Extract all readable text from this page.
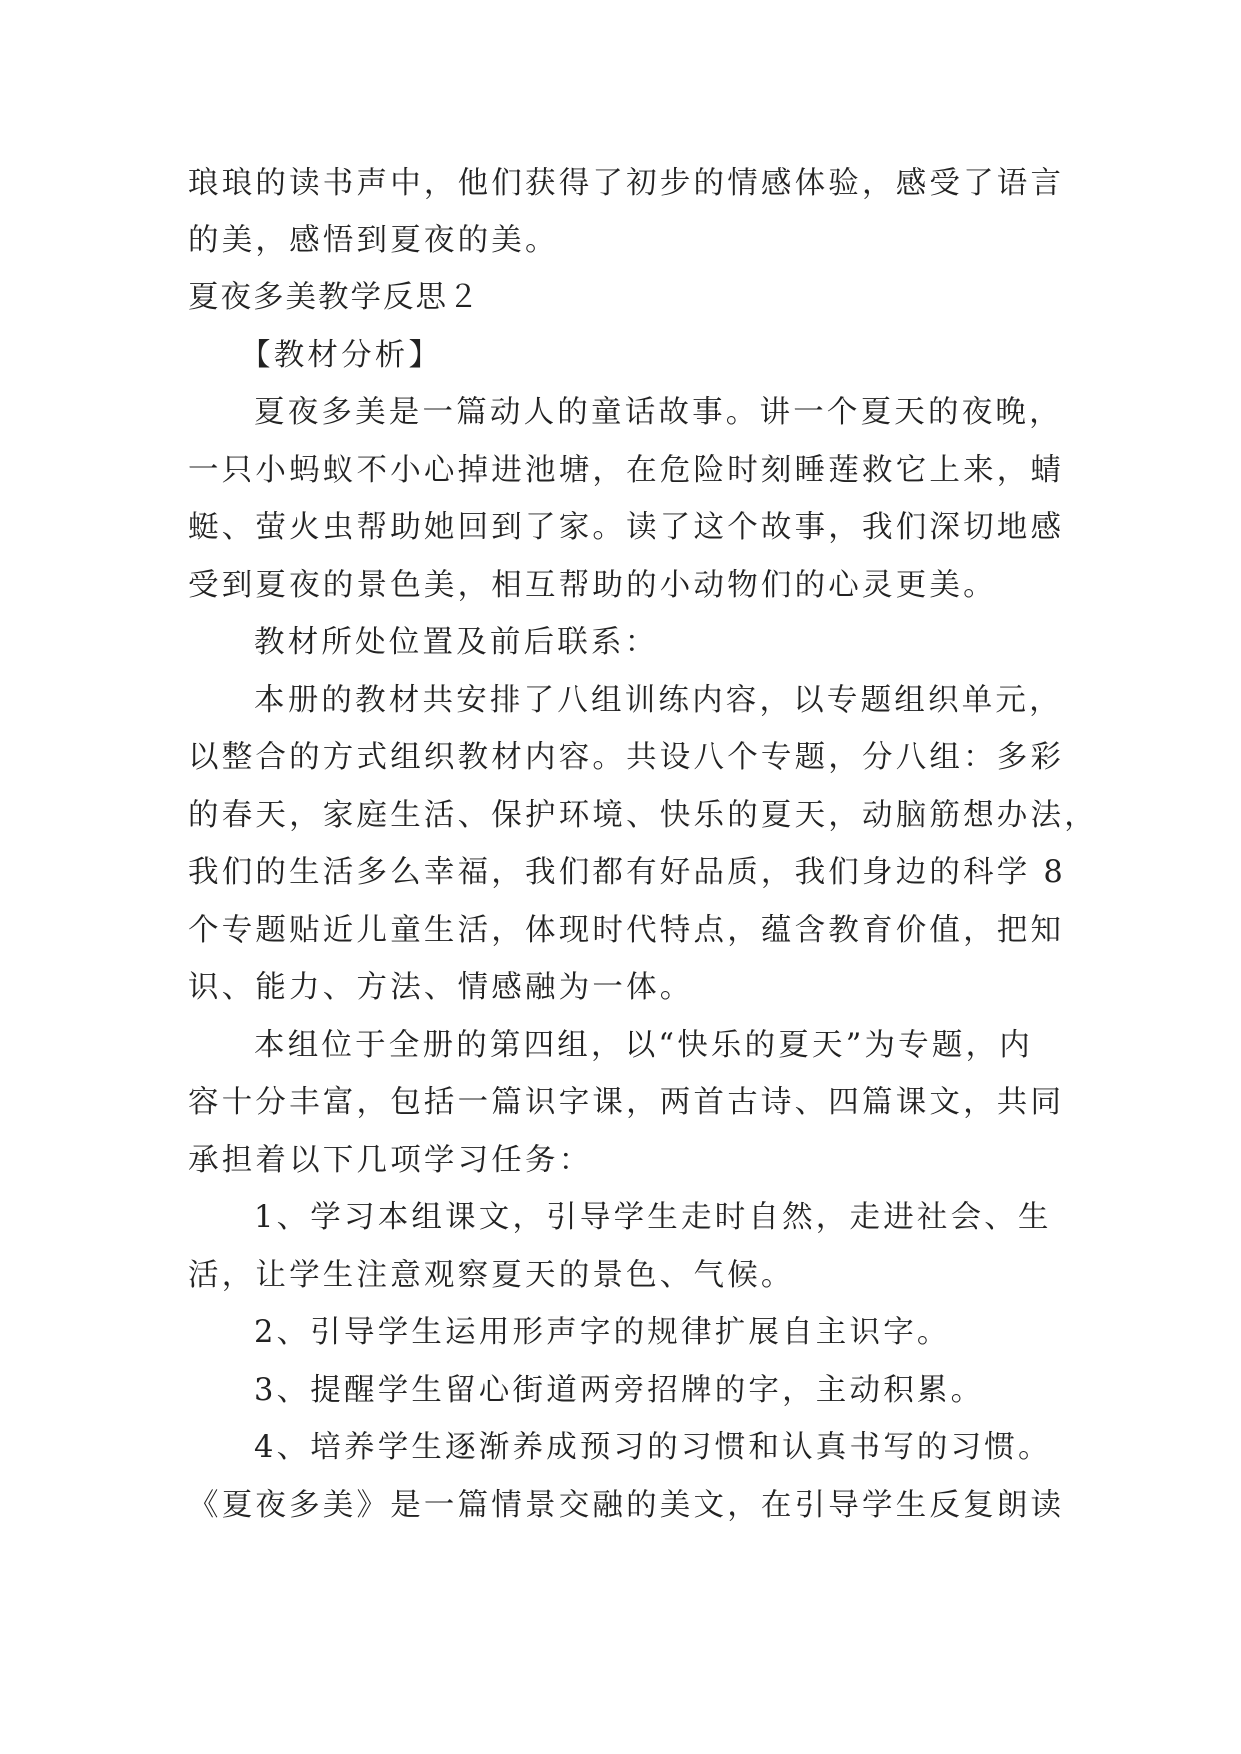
琅琅的读书声中，他们获得了初步的情感体验，感受了语言
的美，感悟到夏夜的美。
夏夜多美教学反思２
【教材分析】
夏夜多美是一篇动人的童话故事。讲一个夏天的夜晚，
一只小蚂蚁不小心掉进池塘，在危险时刻睡莲救它上来，蜻
蜓、萤火虫帮助她回到了家。读了这个故事，我们深切地感
受到夏夜的景色美，相互帮助的小动物们的心灵更美。
教材所处位置及前后联系：
本册的教材共安排了八组训练内容，以专题组织单元，
以整合的方式组织教材内容。共设八个专题，分八组：多彩
的春天，家庭生活、保护环境、快乐的夏天，动脑筋想办法，
我们的生活多么幸福，我们都有好品质，我们身边的科学 8
个专题贴近儿童生活，体现时代特点，蕴含教育价值，把知
识、能力、方法、情感融为一体。
本组位于全册的第四组，以“快乐的夏天”为专题，内
容十分丰富，包括一篇识字课，两首古诗、四篇课文，共同
承担着以下几项学习任务：
1、学习本组课文，引导学生走时自然，走进社会、生
活，让学生注意观察夏天的景色、气候。
2、引导学生运用形声字的规律扩展自主识字。
3、提醒学生留心街道两旁招牌的字，主动积累。
4、培养学生逐渐养成预习的习惯和认真书写的习惯。
《夏夜多美》是一篇情景交融的美文，在引导学生反复朗读
